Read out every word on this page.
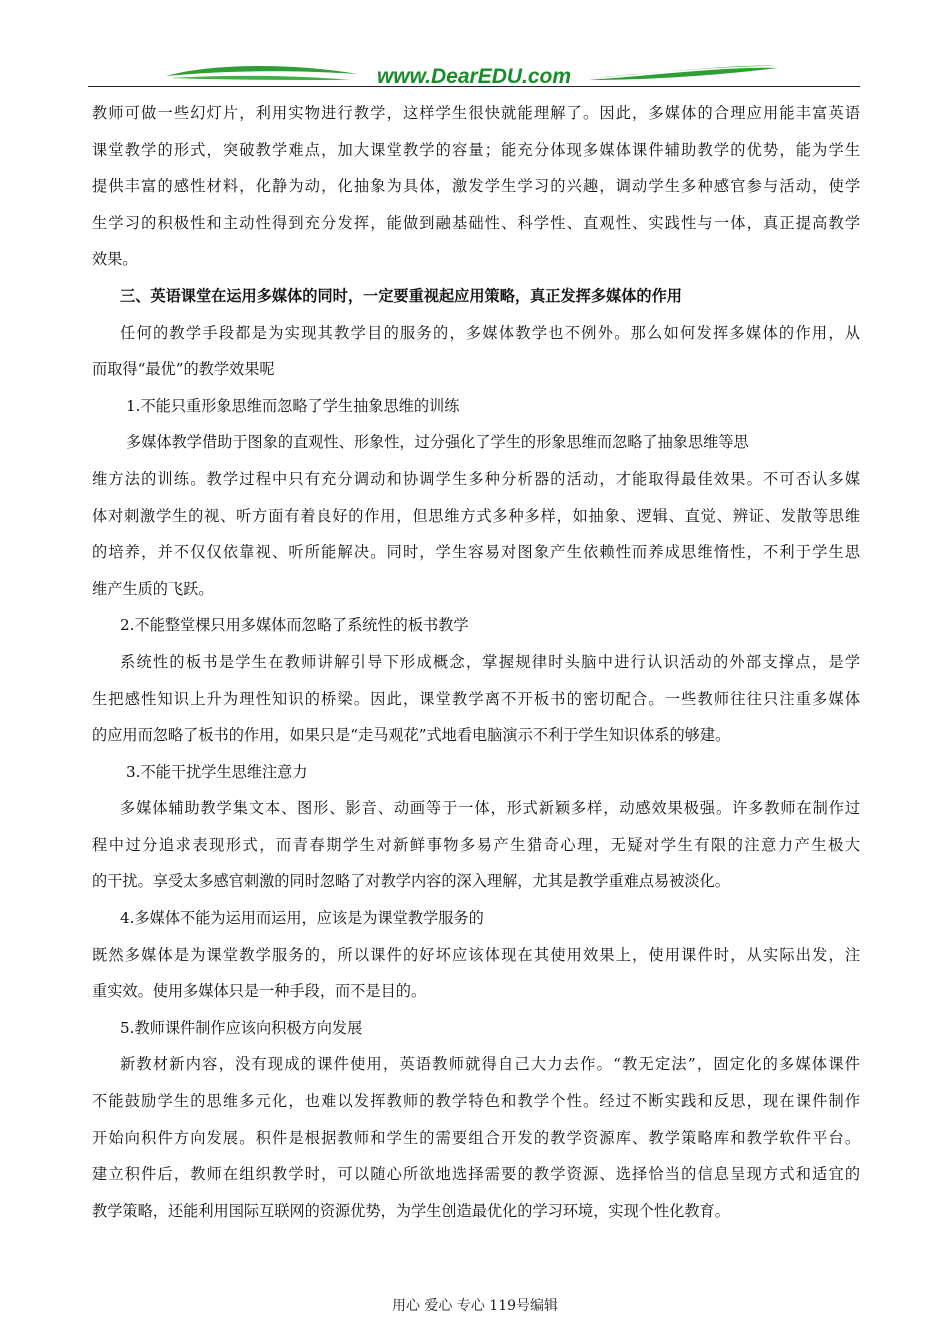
www.DearEDU.com
教师可做一些幻灯片，利用实物进行教学，这样学生很快就能理解了。因此，多媒体的合理应用能丰富英语
课堂教学的形式，突破教学难点，加大课堂教学的容量；能充分体现多媒体课件辅助教学的优势，能为学生
提供丰富的感性材料，化静为动，化抽象为具体，激发学生学习的兴趣，调动学生多种感官参与活动，使学
生学习的积极性和主动性得到充分发挥，能做到融基础性、科学性、直观性、实践性与一体，真正提高教学
效果。
三、英语课堂在运用多媒体的同时，一定要重视起应用策略，真正发挥多媒体的作用
任何的教学手段都是为实现其教学目的服务的，多媒体教学也不例外。那么如何发挥多媒体的作用，从
而取得“最优”的教学效果呢
1.不能只重形象思维而忽略了学生抽象思维的训练
多媒体教学借助于图象的直观性、形象性，过分强化了学生的形象思维而忽略了抽象思维等思
维方法的训练。教学过程中只有充分调动和协调学生多种分析器的活动，才能取得最佳效果。不可否认多媒
体对刺激学生的视、听方面有着良好的作用，但思维方式多种多样，如抽象、逻辑、直觉、辨证、发散等思维
的培养，并不仅仅依靠视、听所能解决。同时，学生容易对图象产生依赖性而养成思维惰性，不利于学生思
维产生质的飞跃。
2.不能整堂棵只用多媒体而忽略了系统性的板书教学
系统性的板书是学生在教师讲解引导下形成概念，掌握规律时头脑中进行认识活动的外部支撑点，是学
生把感性知识上升为理性知识的桥梁。因此，课堂教学离不开板书的密切配合。一些教师往往只注重多媒体
的应用而忽略了板书的作用，如果只是“走马观花”式地看电脑演示不利于学生知识体系的够建。
3.不能干扰学生思维注意力
多媒体辅助教学集文本、图形、影音、动画等于一体，形式新颖多样，动感效果极强。许多教师在制作过
程中过分追求表现形式，而青春期学生对新鲜事物多易产生猎奇心理，无疑对学生有限的注意力产生极大
的干扰。享受太多感官刺激的同时忽略了对教学内容的深入理解，尤其是教学重难点易被淡化。
4.多媒体不能为运用而运用，应该是为课堂教学服务的
既然多媒体是为课堂教学服务的，所以课件的好坏应该体现在其使用效果上，使用课件时，从实际出发，注
重实效。使用多媒体只是一种手段，而不是目的。
5.教师课件制作应该向积极方向发展
新教材新内容，没有现成的课件使用，英语教师就得自己大力去作。“教无定法”，固定化的多媒体课件
不能鼓励学生的思维多元化，也难以发挥教师的教学特色和教学个性。经过不断实践和反思，现在课件制作
开始向积件方向发展。积件是根据教师和学生的需要组合开发的教学资源库、教学策略库和教学软件平台。
建立积件后，教师在组织教学时，可以随心所欲地选择需要的教学资源、选择恰当的信息呈现方式和适宜的
教学策略，还能利用国际互联网的资源优势，为学生创造最优化的学习环境，实现个性化教育。
用心 爱心 专心 119号编辑
